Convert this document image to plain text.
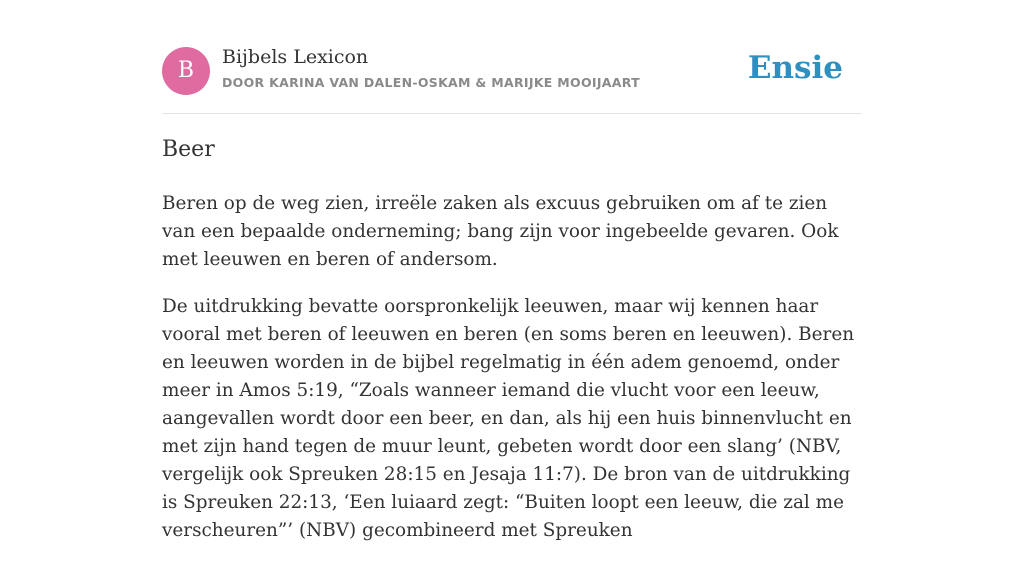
B
Bijbels Lexicon
DOOR KARINA VAN DALEN-OSKAM & MARIJKE MOOIJAART	Ensie
Beer

Beren op de weg zien, irreële zaken als excuus gebruiken om af te zien van een bepaalde onderneming; bang zijn voor ingebeelde gevaren. Ook met leeuwen en beren of andersom.

De uitdrukking bevatte oorspronkelijk leeuwen, maar wij kennen haar vooral met beren of leeuwen en beren (en soms beren en leeuwen). Beren en leeuwen worden in de bijbel regelmatig in één adem genoemd, onder meer in Amos 5:19, “Zoals wanneer iemand die vlucht voor een leeuw, aangevallen wordt door een beer, en dan, als hij een huis binnenvlucht en met zijn hand tegen de muur leunt, gebeten wordt door een slang’ (NBV, vergelijk ook Spreuken 28:15 en Jesaja 11:7). De bron van de uitdrukking is Spreuken 22:13, ‘Een luiaard zegt: “Buiten loopt een leeuw, die zal me verscheuren”’ (NBV) gecombineerd met Spreuken
